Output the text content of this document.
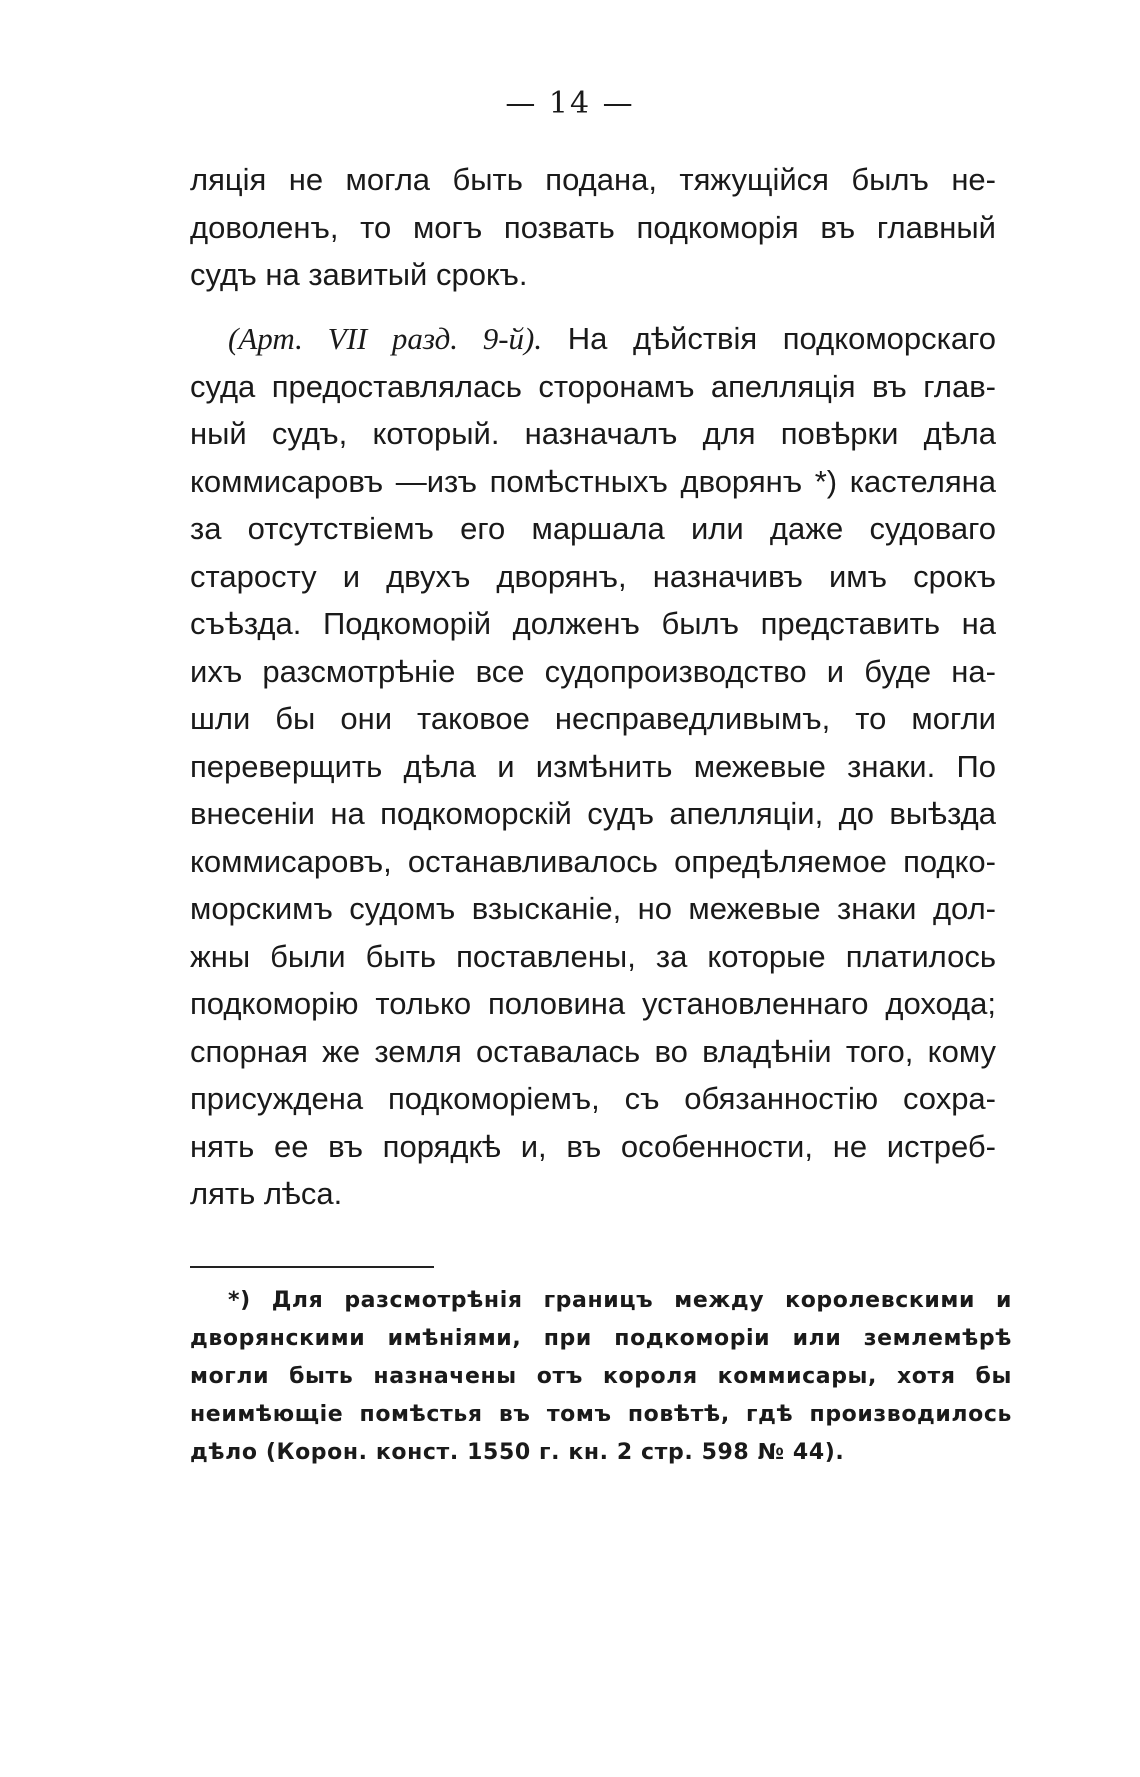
— 14 —
ляція не могла быть подана, тяжущійся былъ не-
доволенъ, то могъ позвать подкоморія въ главный
судъ на завитый срокъ.
(Арт. VII разд. 9-й). На дѣйствія подкоморскаго
суда предоставлялась сторонамъ апелляція въ глав-
ный судъ, который. назначалъ для повѣрки дѣла
коммисаровъ —изъ помѣстныхъ дворянъ *) кастеляна
за отсутствіемъ его маршала или даже судоваго
старосту и двухъ дворянъ, назначивъ имъ срокъ
съѣзда. Подкоморій долженъ былъ представить на
ихъ разсмотрѣніе все судопроизводство и буде на-
шли бы они таковое несправедливымъ, то могли
переверщить дѣла и измѣнить межевые знаки. По
внесеніи на подкоморскій судъ апелляціи, до выѣзда
коммисаровъ, останавливалось опредѣляемое подко-
морскимъ судомъ взысканіе, но межевые знаки дол-
жны были быть поставлены, за которые платилось
подкоморію только половина установленнаго дохода;
спорная же земля оставалась во владѣніи того, кому
присуждена подкоморіемъ, съ обязанностію сохра-
нять ее въ порядкѣ и, въ особенности, не истреб-
лять лѣса.
*) Для разсмотрѣнія границъ между королевскими и
дворянскими имѣніями, при подкоморіи или землемѣрѣ
могли быть назначены отъ короля коммисары, хотя бы
неимѣющіе помѣстья въ томъ повѣтѣ, гдѣ производилось
дѣло (Корон. конст. 1550 г. кн. 2 стр. 598 № 44).
